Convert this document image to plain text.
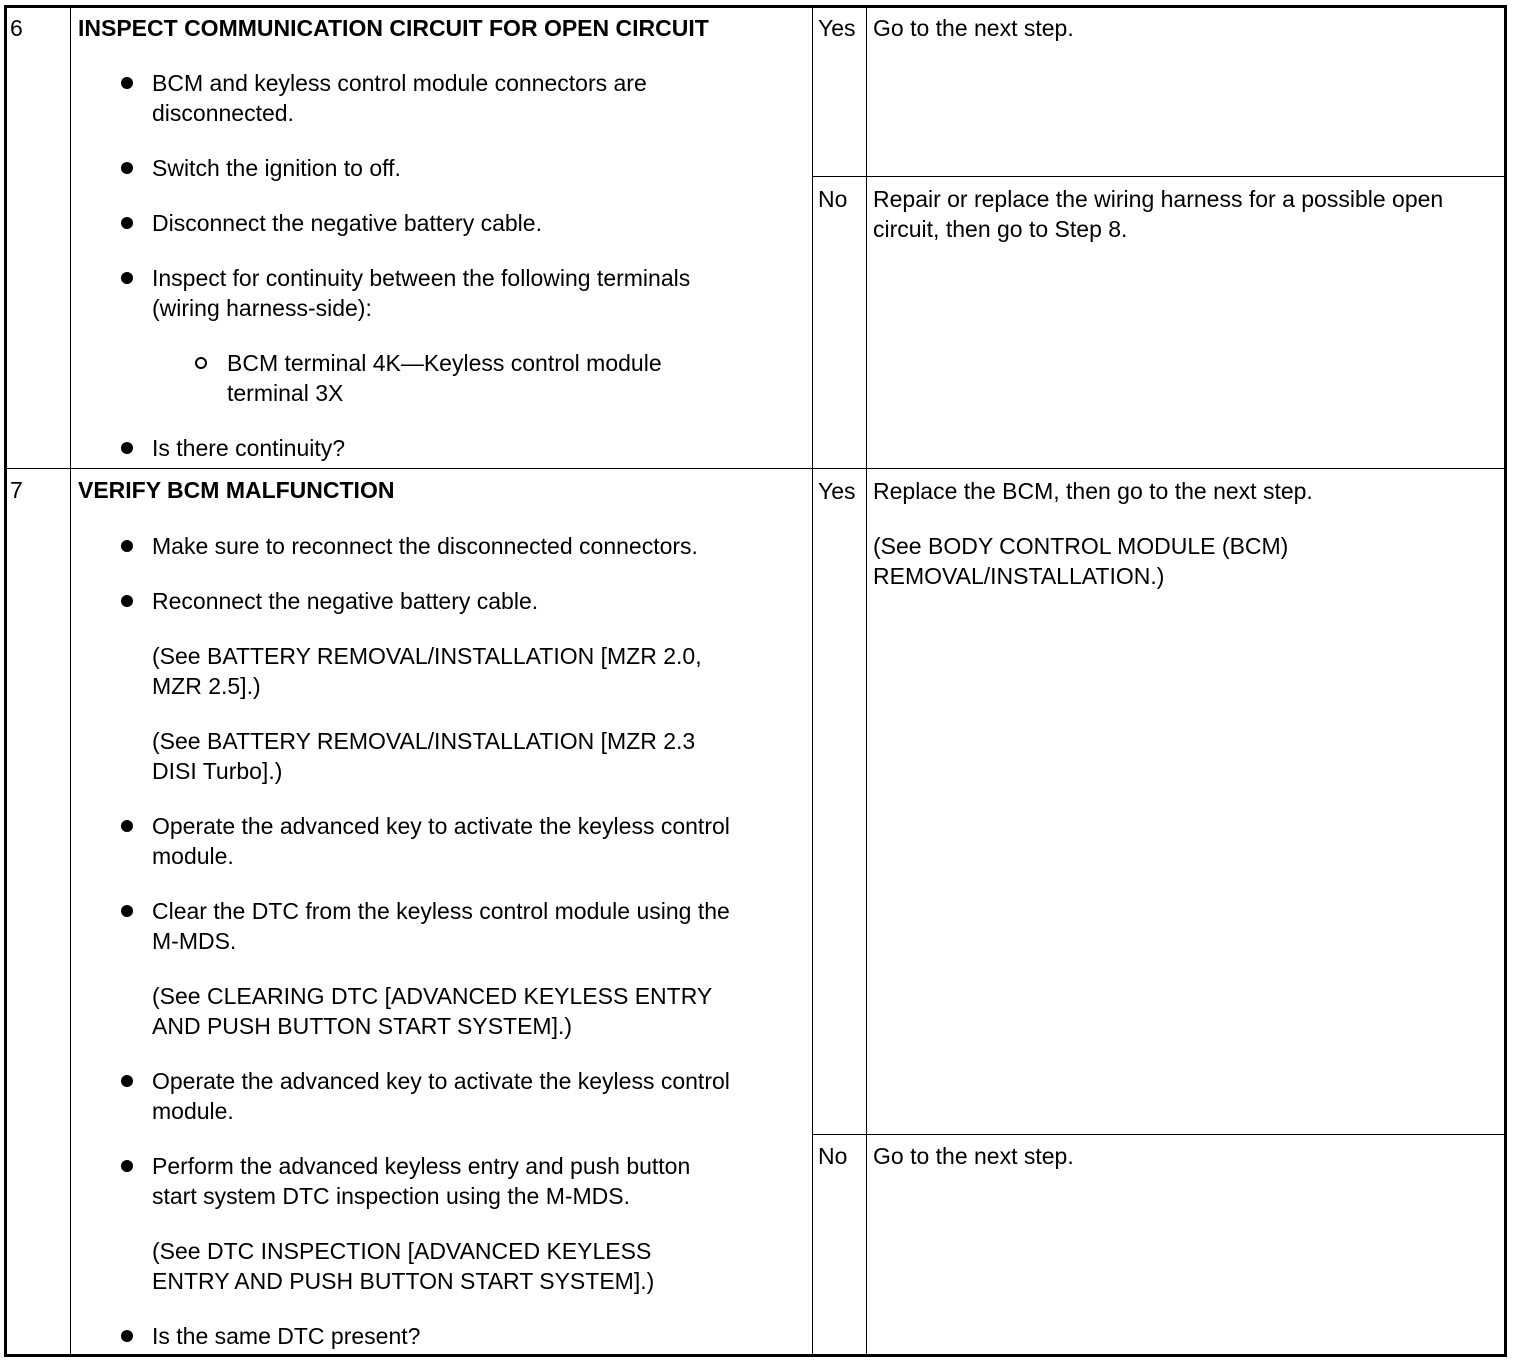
6 INSPECT COMMUNICATION CIRCUIT FOR OPEN CIRCUIT
BCM and keyless control module connectors are
disconnected.
Switch the ignition to off.
Disconnect the negative battery cable.
Inspect for continuity between the following terminals
(wiring harness-side):
BCM terminal 4K—Keyless control module
terminal 3X
Is there continuity?
Yes Go to the next step.
No Repair or replace the wiring harness for a possible open
circuit, then go to Step 8.
7 VERIFY BCM MALFUNCTION
Make sure to reconnect the disconnected connectors.
Reconnect the negative battery cable.
(See BATTERY REMOVAL/INSTALLATION [MZR 2.0,
MZR 2.5].)
(See BATTERY REMOVAL/INSTALLATION [MZR 2.3
DISI Turbo].)
Operate the advanced key to activate the keyless control
module.
Clear the DTC from the keyless control module using the
M-MDS.
(See CLEARING DTC [ADVANCED KEYLESS ENTRY
AND PUSH BUTTON START SYSTEM].)
Operate the advanced key to activate the keyless control
module.
Perform the advanced keyless entry and push button
start system DTC inspection using the M-MDS.
(See DTC INSPECTION [ADVANCED KEYLESS
ENTRY AND PUSH BUTTON START SYSTEM].)
Is the same DTC present?
Yes Replace the BCM, then go to the next step.
(See BODY CONTROL MODULE (BCM)
REMOVAL/INSTALLATION.)
No Go to the next step.
